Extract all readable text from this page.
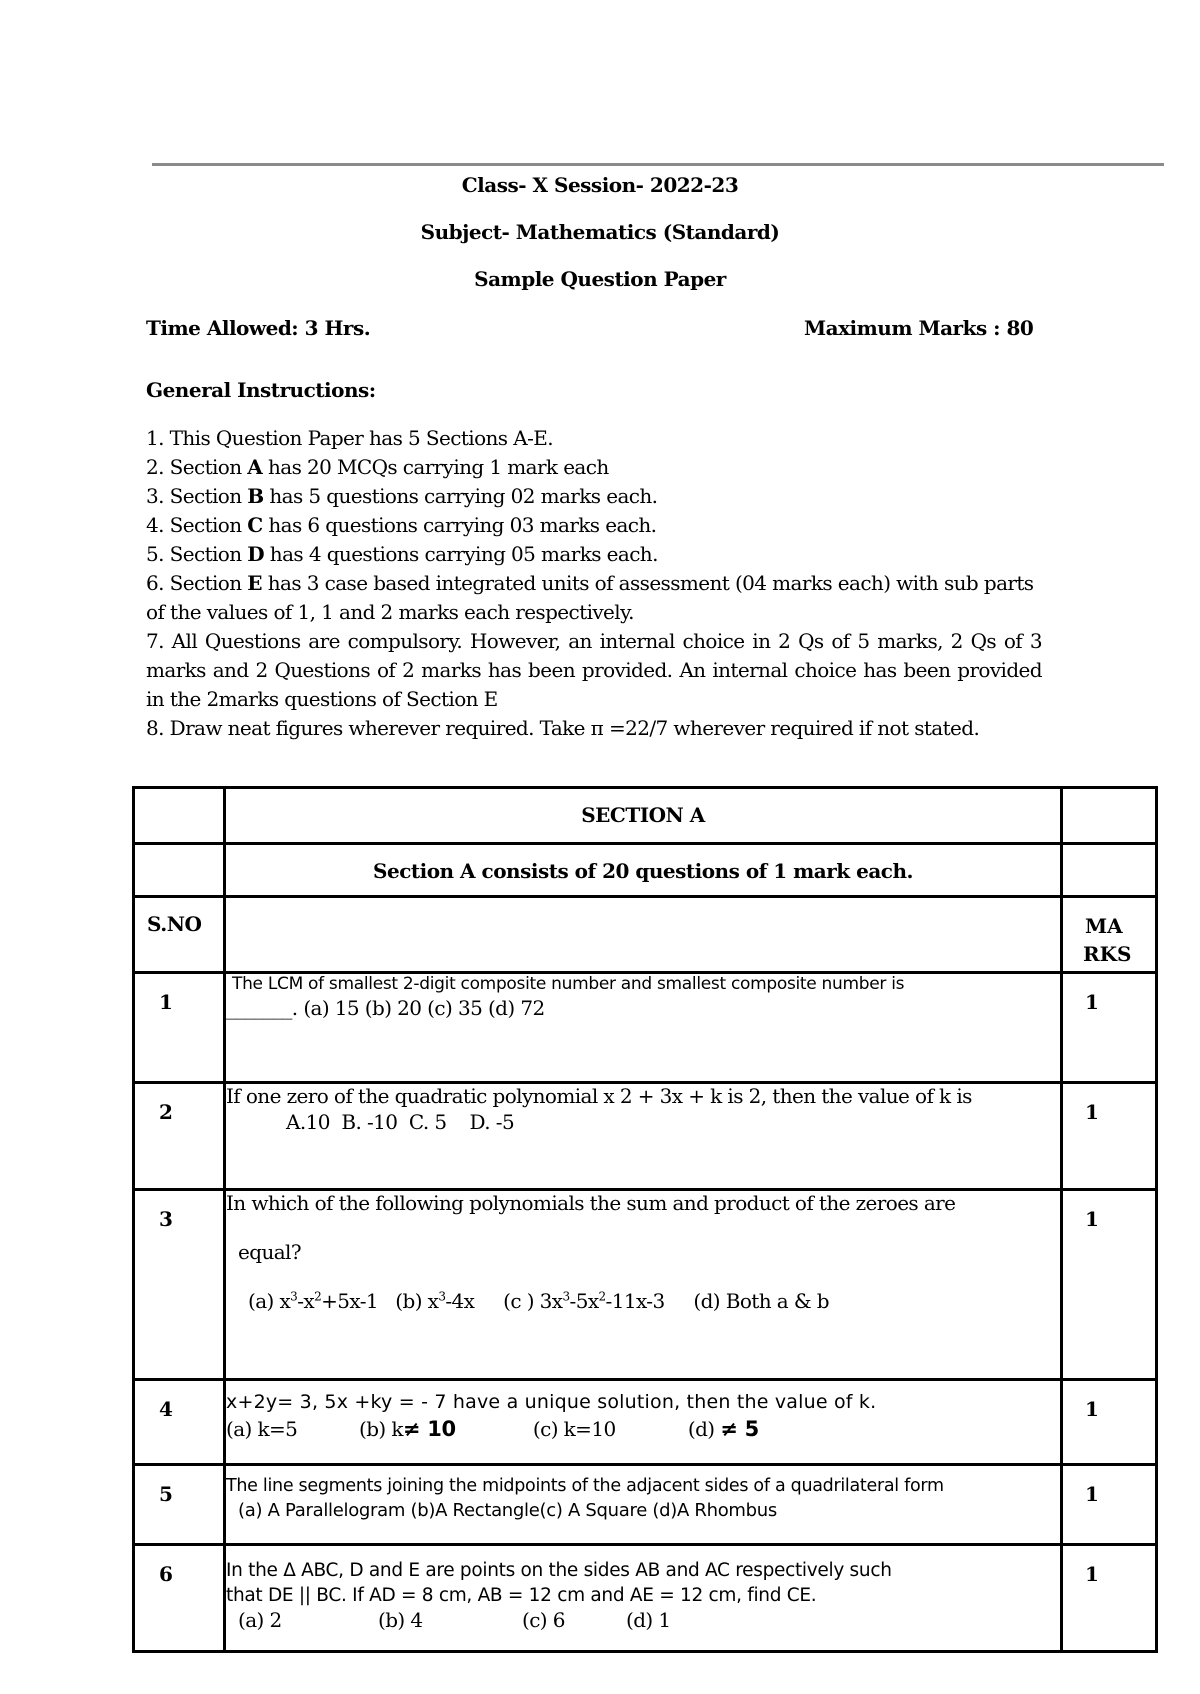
Class- X Session- 2022-23
Subject- Mathematics (Standard)
Sample Question Paper
Time Allowed: 3 Hrs.	Maximum Marks : 80
General Instructions:
1. This Question Paper has 5 Sections A-E.
2. Section A has 20 MCQs carrying 1 mark each
3. Section B has 5 questions carrying 02 marks each.
4. Section C has 6 questions carrying 03 marks each.
5. Section D has 4 questions carrying 05 marks each.
6. Section E has 3 case based integrated units of assessment (04 marks each) with sub parts of the values of 1, 1 and 2 marks each respectively.
7. All Questions are compulsory. However, an internal choice in 2 Qs of 5 marks, 2 Qs of 3 marks and 2 Questions of 2 marks has been provided. An internal choice has been provided in the 2marks questions of Section E
8. Draw neat figures wherever required. Take π =22/7 wherever required if not stated.
	SECTION A	
	Section A consists of 20 questions of 1 mark each.	
S.NO		MA
RKS

1	The LCM of smallest 2-digit composite number and smallest composite number is
_______. (a) 15 (b) 20 (c) 35 (d) 72	1
2	If one zero of the quadratic polynomial x 2 + 3x + k is 2, then the value of k is
A.10  B. -10  C. 5    D. -5	1
3	In which of the following polynomials the sum and product of the zeroes are
equal?
(a) $x^3-x^2+5x-1$ (b) $x^3-4x$ (c ) $3x^3-5x^2-11x-3$ (d) Both a & b	1
4	x+2y= 3, 5x +ky = - 7 have a unique solution, then the value of k.
(a) k=5 (b) k≠ 10 (c) k=10 (d) ≠ 5	1
5	The line segments joining the midpoints of the adjacent sides of a quadrilateral form
(a) A Parallelogram (b)A Rectangle(c) A Square (d)A Rhombus	1
6	In the Δ ABC, D and E are points on the sides AB and AC respectively such
that DE || BC. If AD = 8 cm, AB = 12 cm and AE = 12 cm, find CE.
(a) 2 (b) 4 (c) 6 (d) 1	1
